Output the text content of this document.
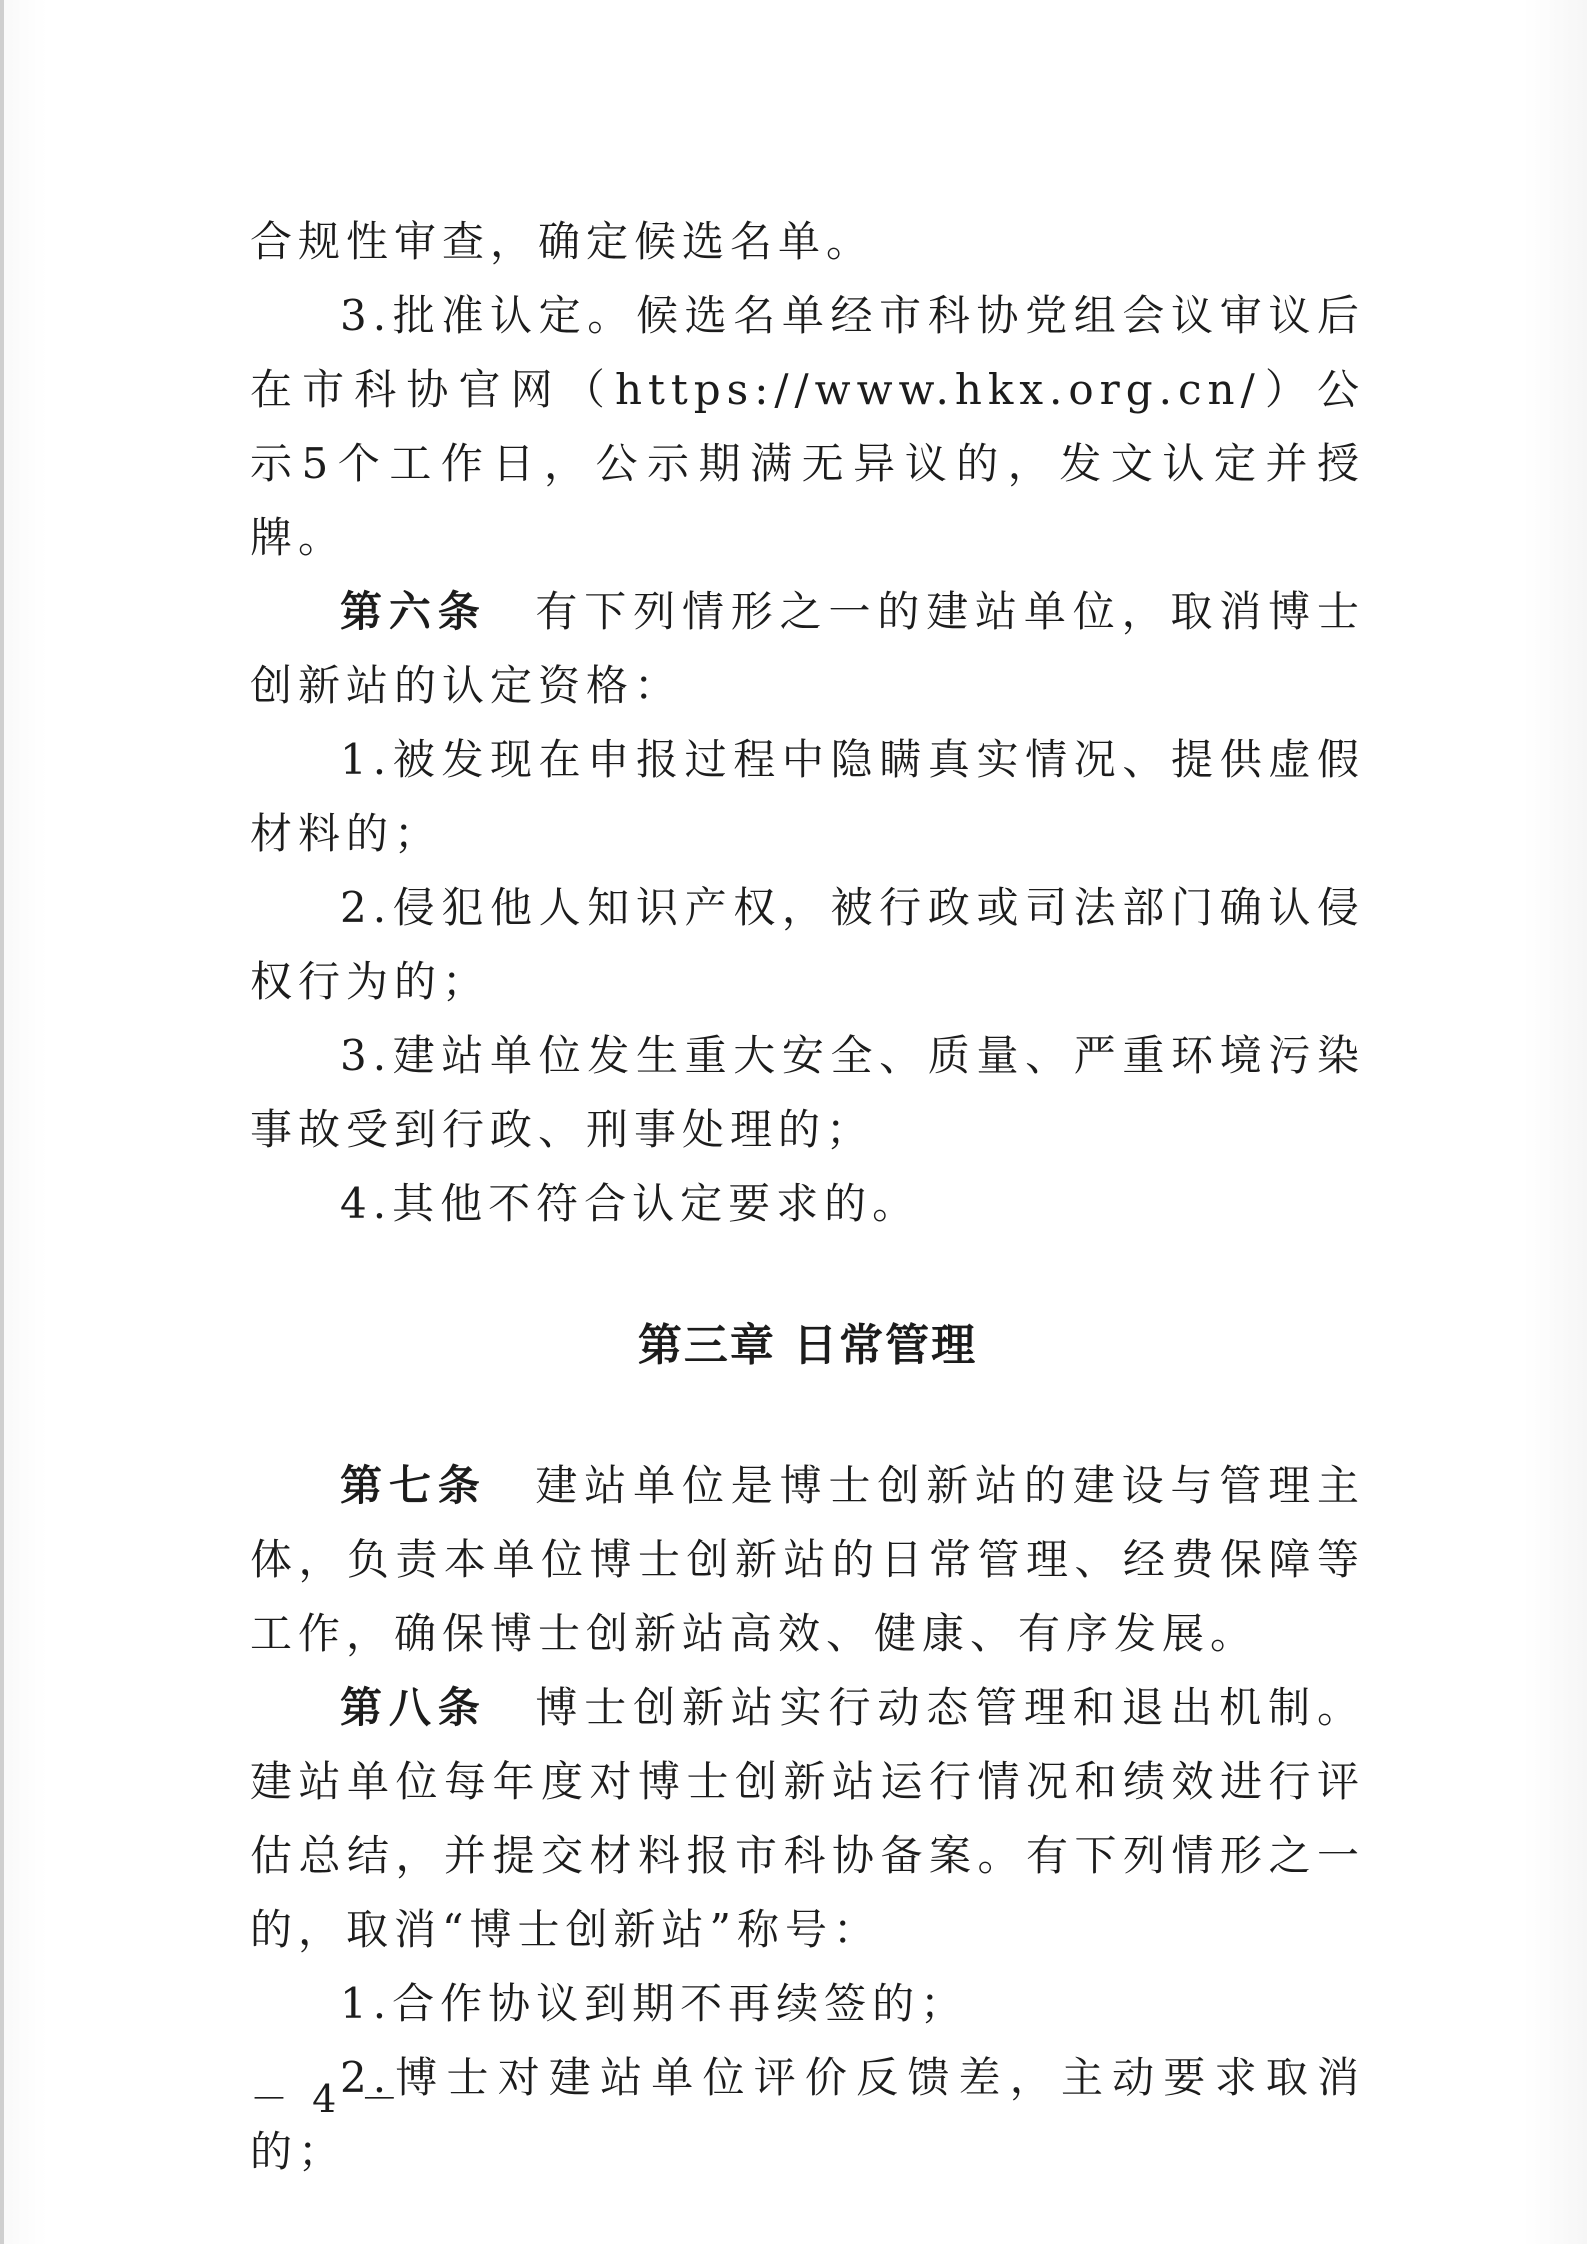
合规性审查，确定候选名单。

3.批准认定。候选名单经市科协党组会议审议后在市科协官网（https://www.hkx.org.cn/）公示5个工作日，公示期满无异议的，发文认定并授牌。

第六条　 有下列情形之一的建站单位，取消博士创新站的认定资格：

1.被发现在申报过程中隐瞒真实情况、提供虚假材料的；

2.侵犯他人知识产权，被行政或司法部门确认侵权行为的；

3.建站单位发生重大安全、质量、严重环境污染事故受到行政、刑事处理的；

4.其他不符合认定要求的。

第三章 日常管理

第七条　 建站单位是博士创新站的建设与管理主体，负责本单位博士创新站的日常管理、经费保障等工作，确保博士创新站高效、健康、有序发展。

第八条　 博士创新站实行动态管理和退出机制。建站单位每年度对博士创新站运行情况和绩效进行评估总结，并提交材料报市科协备案。有下列情形之一的，取消“博士创新站”称号：

1.合作协议到期不再续签的；

2.博士对建站单位评价反馈差，主动要求取消的；

－ 4 －
